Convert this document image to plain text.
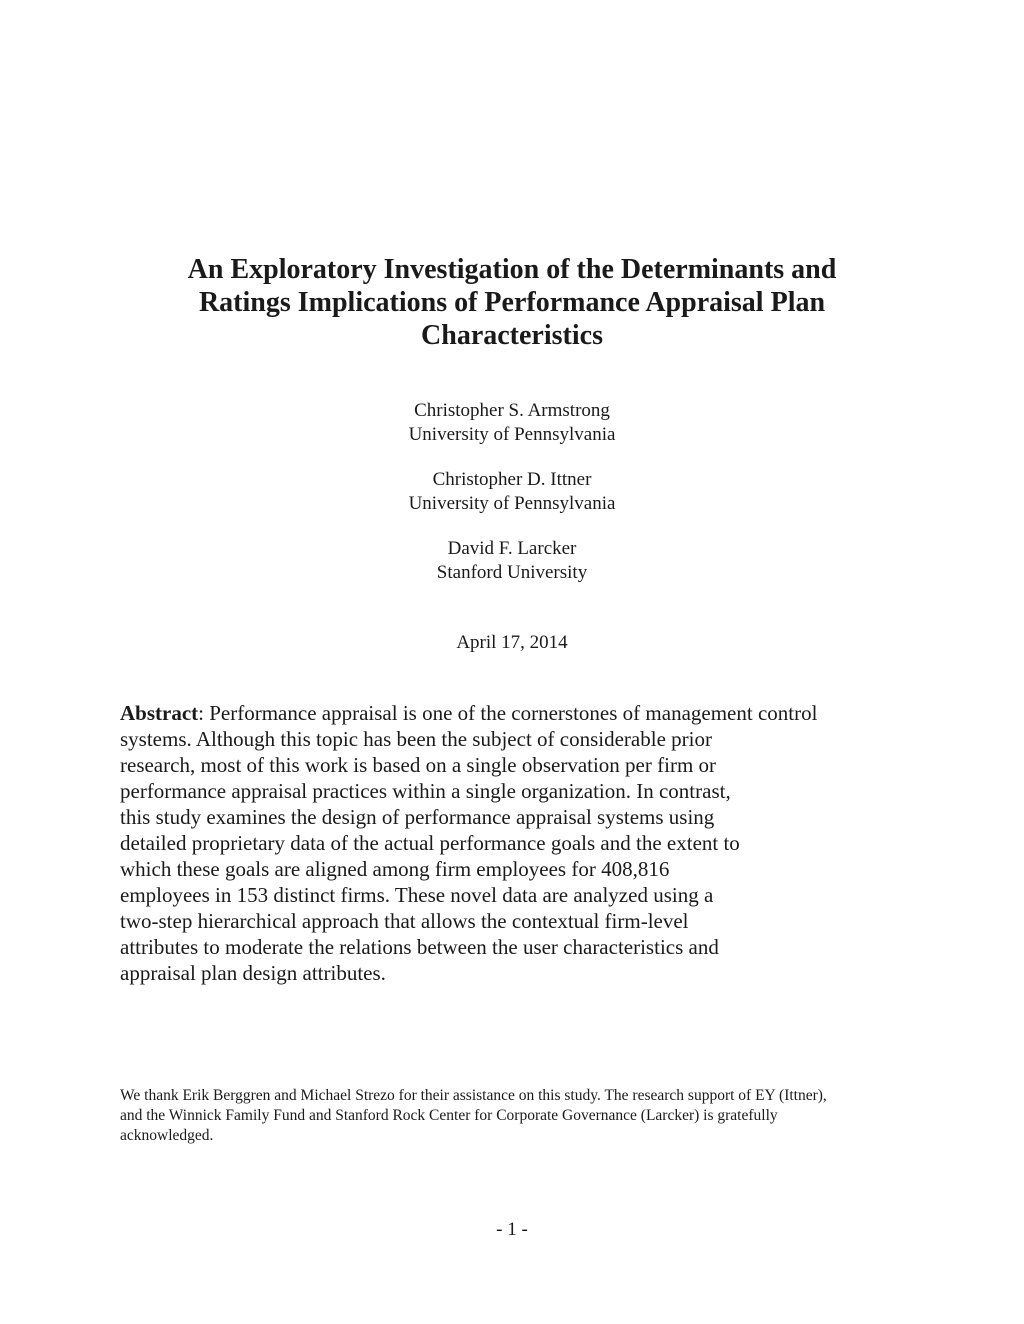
An Exploratory Investigation of the Determinants and
Ratings Implications of Performance Appraisal Plan
Characteristics
Christopher S. Armstrong
University of Pennsylvania
Christopher D. Ittner
University of Pennsylvania
David F. Larcker
Stanford University
April 17, 2014

Abstract: Performance appraisal is one of the cornerstones of management control
systems. Although this topic has been the subject of considerable prior
research, most of this work is based on a single observation per firm or
performance appraisal practices within a single organization. In contrast,
this study examines the design of performance appraisal systems using
detailed proprietary data of the actual performance goals and the extent to
which these goals are aligned among firm employees for 408,816
employees in 153 distinct firms. These novel data are analyzed using a
two-step hierarchical approach that allows the contextual firm-level
attributes to moderate the relations between the user characteristics and
appraisal plan design attributes.

We thank Erik Berggren and Michael Strezo for their assistance on this study. The research support of EY (Ittner),
and the Winnick Family Fund and Stanford Rock Center for Corporate Governance (Larcker) is gratefully
acknowledged.

- 1 -
